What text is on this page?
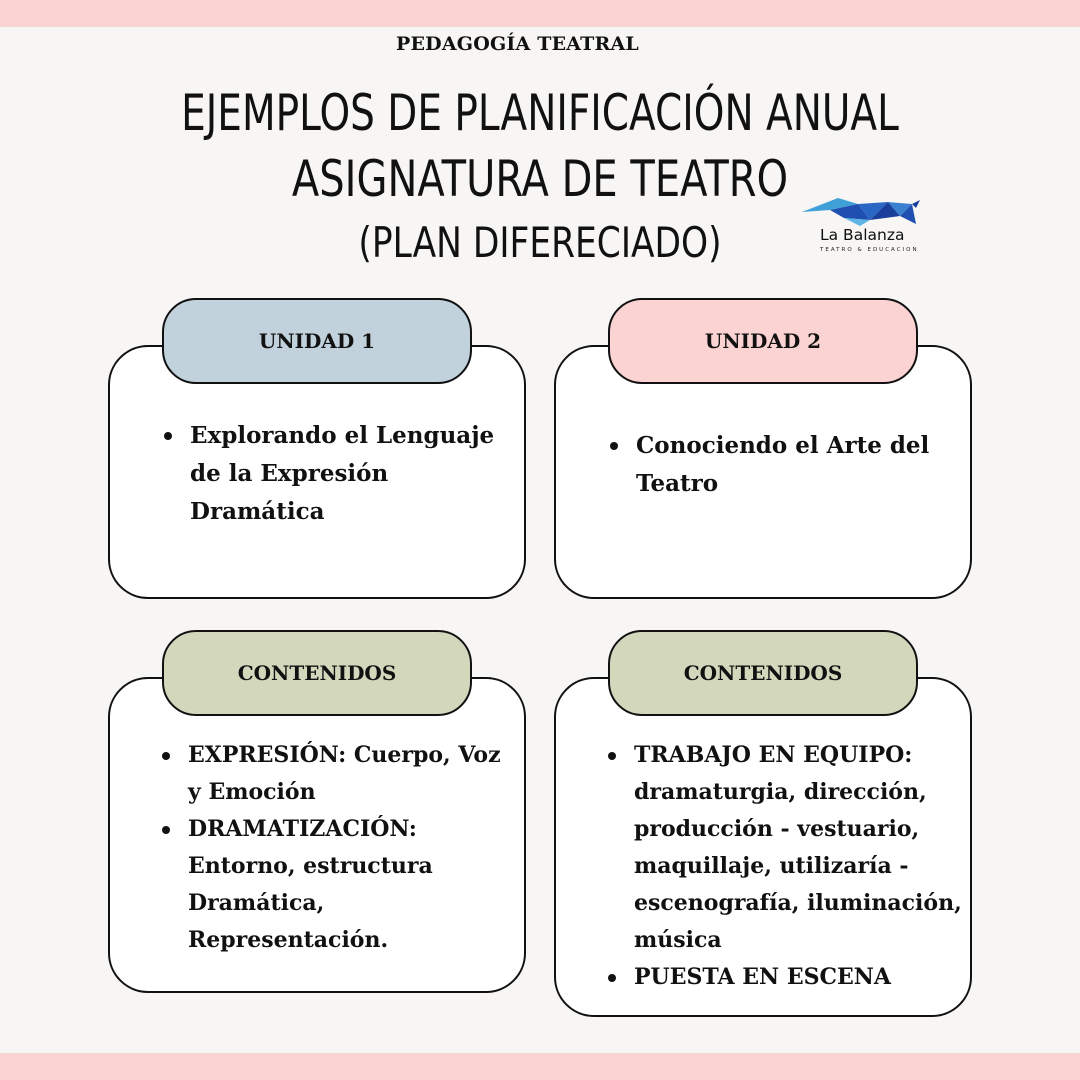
PEDAGOGÍA TEATRAL
EJEMPLOS DE PLANIFICACIÓN ANUAL
ASIGNATURA DE TEATRO
(PLAN DIFERECIADO)	La Balanza
TEATRO & EDUCACION
Explorando el Lenguaje de la Expresión Dramática
UNIDAD 1
Conociendo el Arte del Teatro
UNIDAD 2
EXPRESIÓN: Cuerpo, Voz y Emoción
DRAMATIZACIÓN: Entorno, estructura Dramática, Representación.
CONTENIDOS
TRABAJO EN EQUIPO: dramaturgia, dirección, producción - vestuario, maquillaje, utilizaría - escenografía, iluminación, música
PUESTA EN ESCENA
CONTENIDOS
